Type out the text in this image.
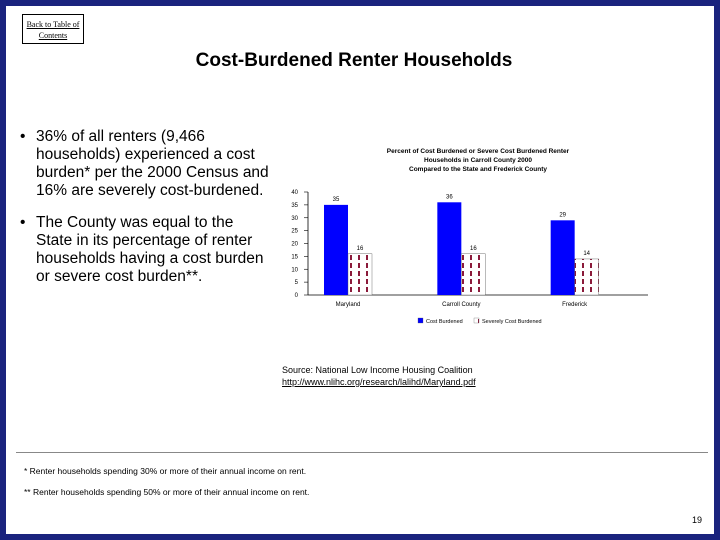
Back to Table of Contents
Cost-Burdened Renter Households
• 36% of all renters (9,466 households) experienced a cost burden* per the 2000 Census and 16% are severely cost-burdened.
• The County was equal to the State in its percentage of renter households having a cost burden or severe cost burden**.
Percent of Cost Burdened or Severe Cost Burdened Renter
Households in Carroll County 2000
Compared to the State and Frederick County
0
5
10
15
20
25
30
35
40
35
16
Maryland
36
16
Carroll County
29
14
Frederick
Cost Burdened	Severely Cost Burdened
Source: National Low Income Housing Coalition
http://www.nlihc.org/research/lalihd/Maryland.pdf
* Renter households spending 30% or more of their annual income on rent.
** Renter households spending 50% or more of their annual income on rent.
19
